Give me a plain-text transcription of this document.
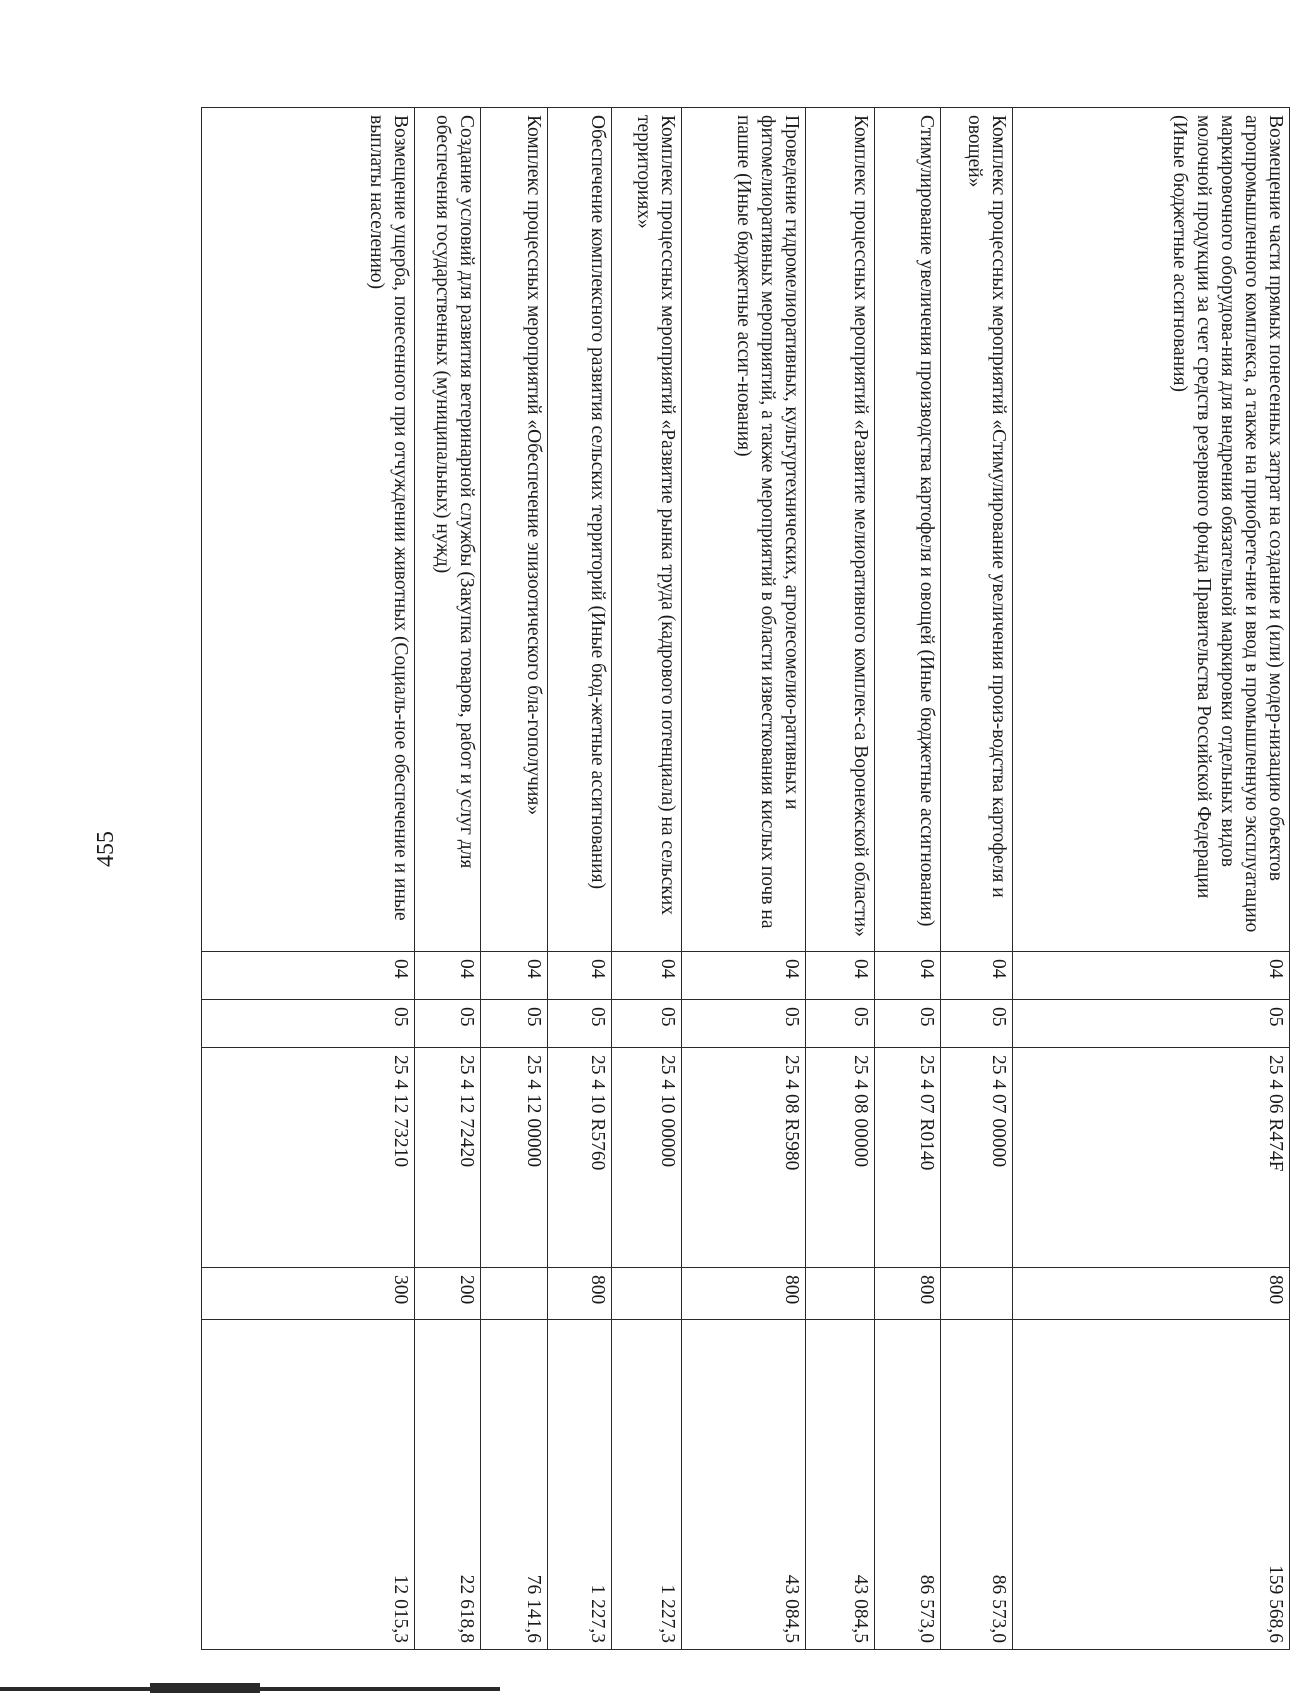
455	Возмещение части прямых понесенных затрат на создание и (или) модер-низацию объектов агропромышленного комплекса, а также на приобрете-ние и ввод в промышленную эксплуатацию маркировочного оборудова-ния для внедрения обязательной маркировки отдельных видов молочной продукции за счет средств резервного фонда Правительства Российской Федерации (Иные бюджетные ассигнования)	04	05	25 4 06 R474F	800	159 568,6
Комплекс процессных мероприятий «Стимулирование увеличения произ-водства картофеля и овощей»	04	05	25 4 07 00000		86 573,0
Стимулирование увеличения производства картофеля и овощей (Иные бюджетные ассигнования)	04	05	25 4 07 R0140	800	86 573,0
Комплекс процессных мероприятий «Развитие мелиоративного комплек-са Воронежской области»	04	05	25 4 08 00000		43 084,5
Проведение гидромелиоративных, культуртехнических, агролесомелио-ративных и фитомелиоративных мероприятий, а также мероприятий в области известкования кислых почв на пашне (Иные бюджетные ассиг-нования)	04	05	25 4 08 R5980	800	43 084,5
Комплекс процессных мероприятий «Развитие рынка труда (кадрового потенциала) на сельских территориях»	04	05	25 4 10 00000		1 227,3
Обеспечение комплексного развития сельских территорий (Иные бюд-жетные ассигнования)	04	05	25 4 10 R5760	800	1 227,3
Комплекс процессных мероприятий «Обеспечение эпизоотического бла-гополучия»	04	05	25 4 12 00000		76 141,6
Создание условий для развития ветеринарной службы (Закупка товаров, работ и услуг для обеспечения государственных (муниципальных) нужд)	04	05	25 4 12 72420	200	22 618,8
Возмещение ущерба, понесенного при отчуждении животных (Социаль-ное обеспечение и иные выплаты населению)	04	05	25 4 12 73210	300	12 015,3
